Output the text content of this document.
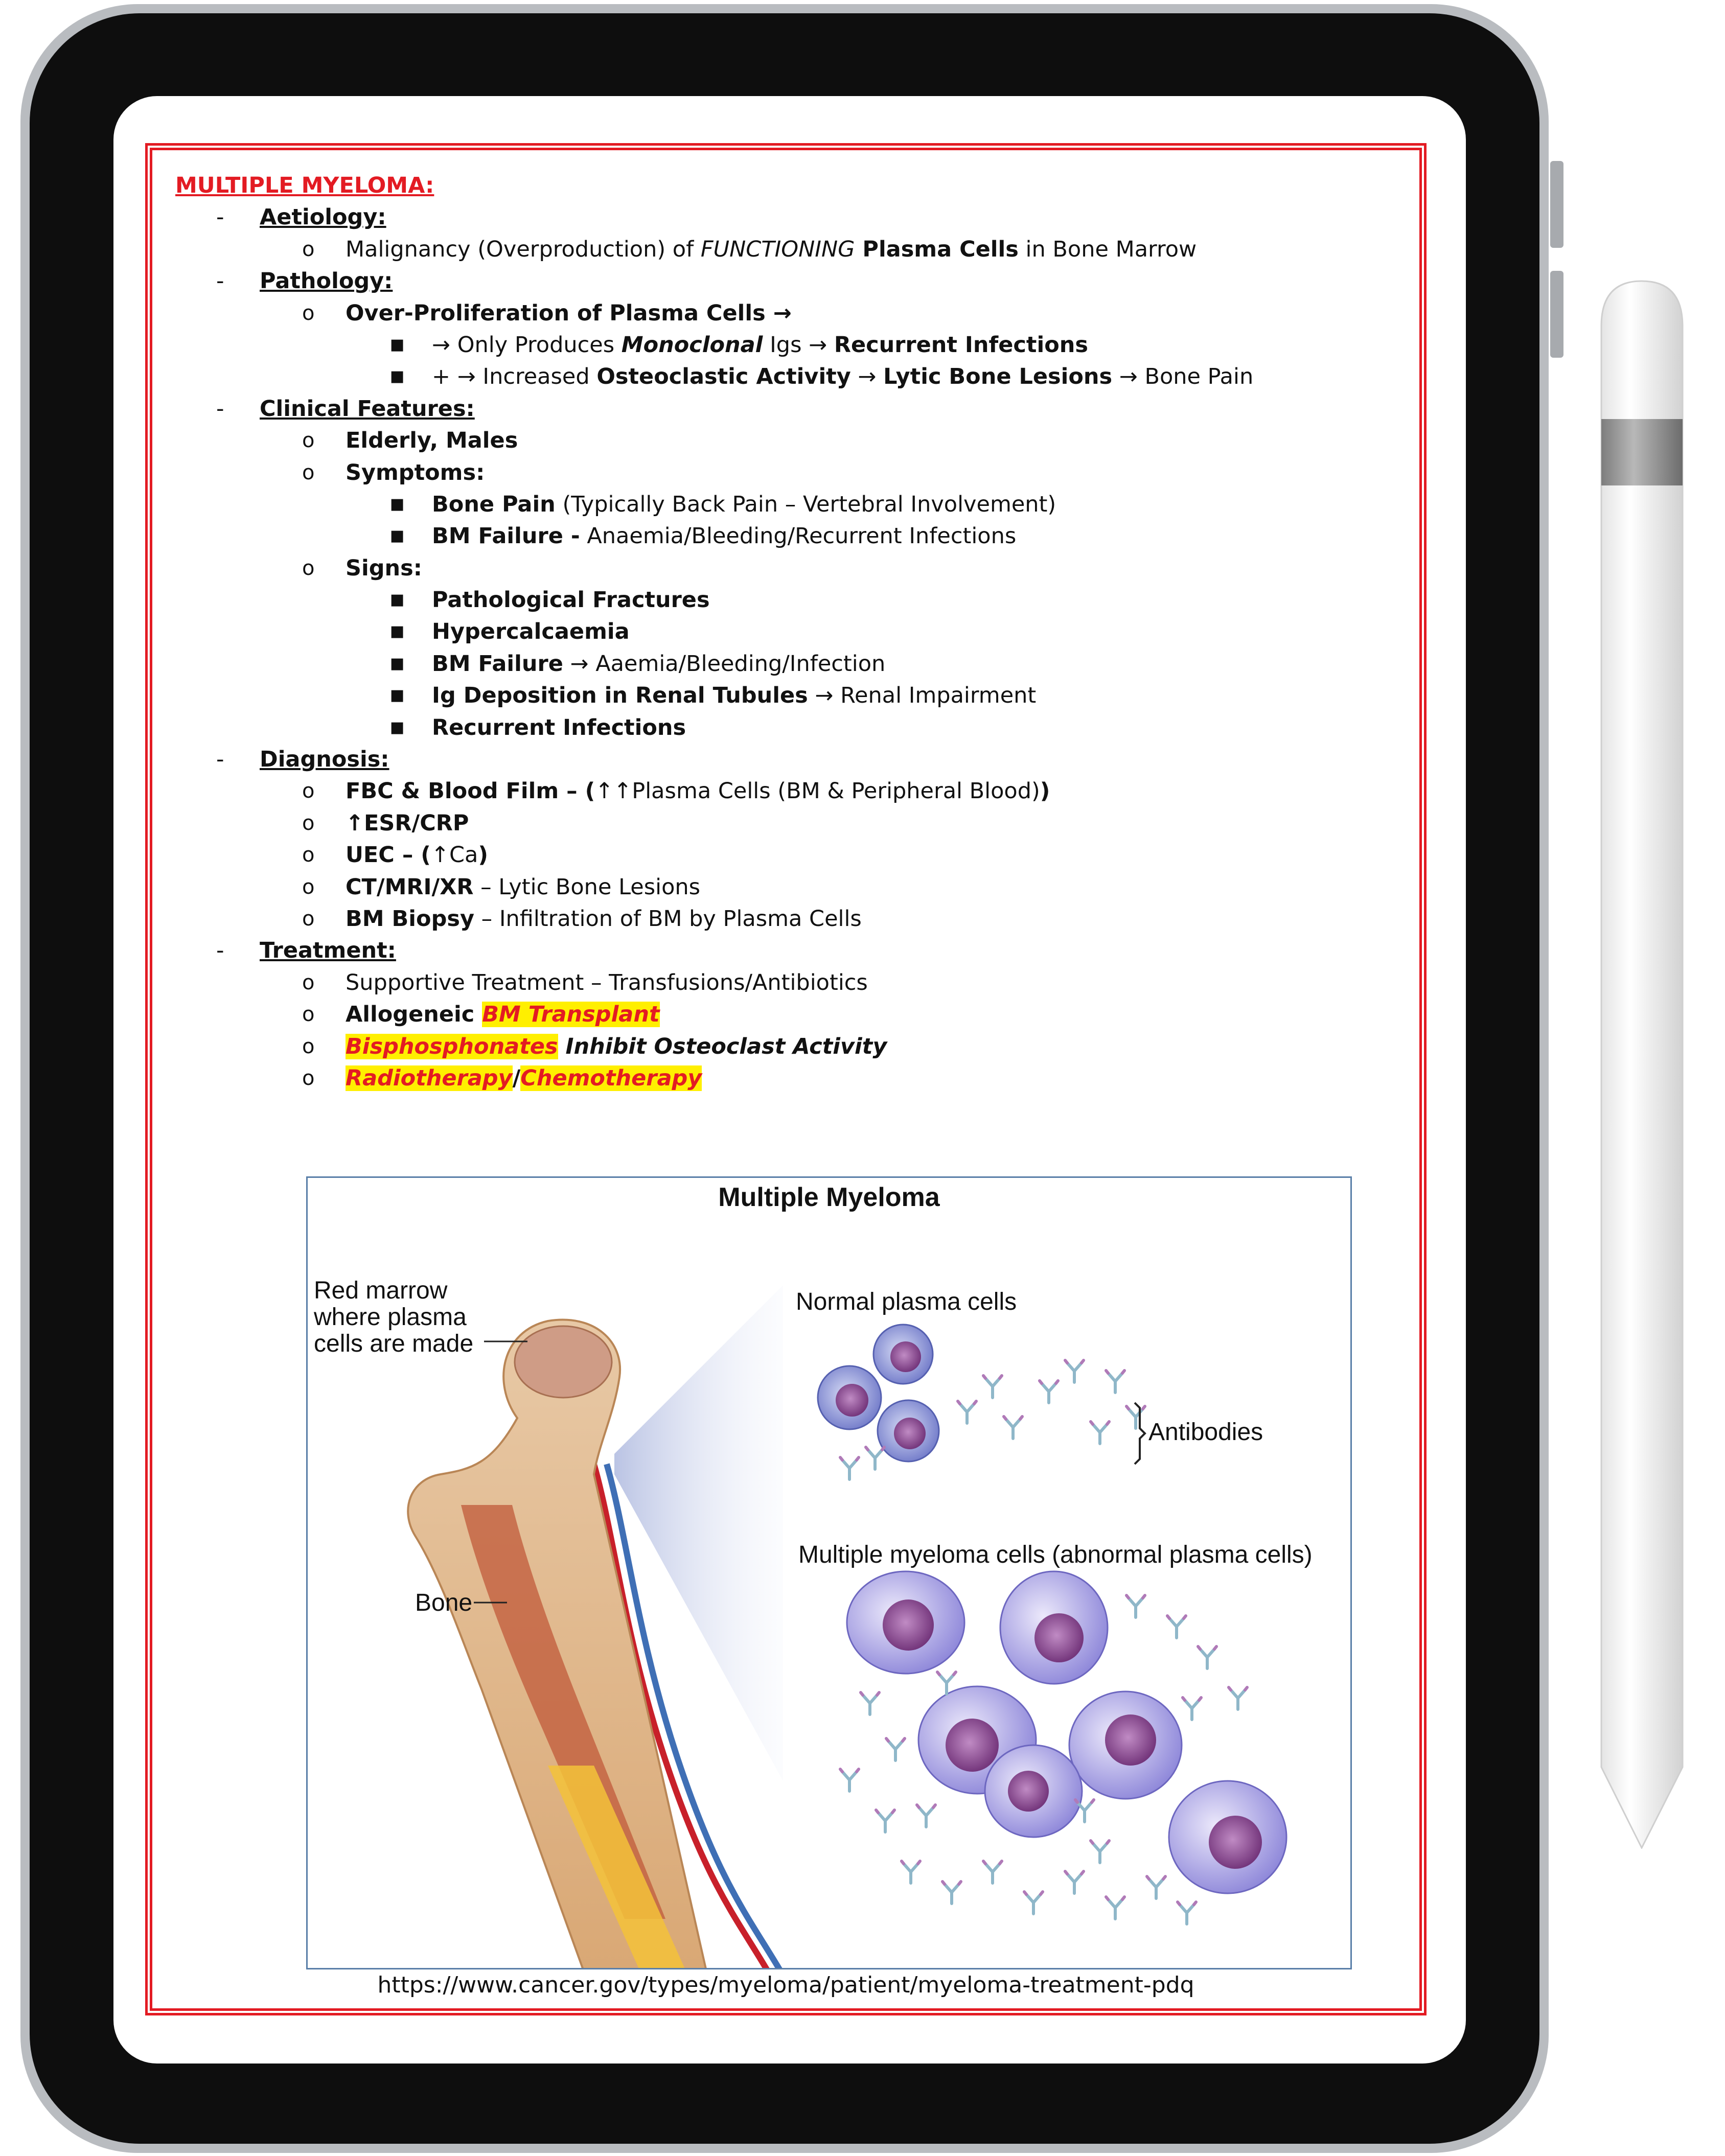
MULTIPLE MYELOMA:
- Aetiology:
o Malignancy (Overproduction) of FUNCTIONING Plasma Cells in Bone Marrow
- Pathology:
o Over-Proliferation of Plasma Cells →
■ → Only Produces Monoclonal Igs → Recurrent Infections
■ + → Increased Osteoclastic Activity → Lytic Bone Lesions → Bone Pain
- Clinical Features:
o Elderly, Males
o Symptoms:
■ Bone Pain (Typically Back Pain – Vertebral Involvement)
■ BM Failure - Anaemia/Bleeding/Recurrent Infections
o Signs:
■ Pathological Fractures
■ Hypercalcaemia
■ BM Failure → Aaemia/Bleeding/Infection
■ Ig Deposition in Renal Tubules → Renal Impairment
■ Recurrent Infections
- Diagnosis:
o FBC & Blood Film – (↑↑Plasma Cells (BM & Peripheral Blood))
o ↑ESR/CRP
o UEC – (↑Ca)
o CT/MRI/XR – Lytic Bone Lesions
o BM Biopsy – Infiltration of BM by Plasma Cells
- Treatment:
o Supportive Treatment – Transfusions/Antibiotics
o Allogeneic BM Transplant
o Bisphosphonates Inhibit Osteoclast Activity
o Radiotherapy/Chemotherapy
Multiple Myeloma
Red marrow
where plasma
cells are made
Bone
Normal plasma cells
Antibodies
Multiple myeloma cells (abnormal plasma cells)
https://www.cancer.gov/types/myeloma/patient/myeloma-treatment-pdq
